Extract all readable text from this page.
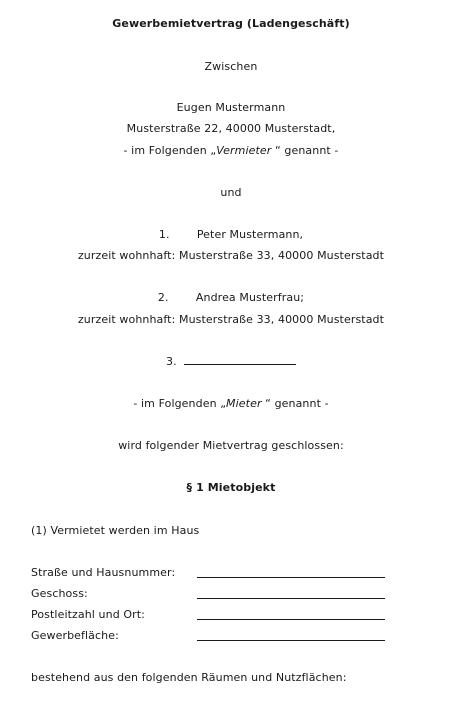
Gewerbemietvertrag (Ladengeschäft)
Zwischen
Eugen Mustermann
Musterstraße 22, 40000 Musterstadt,
- im Folgenden „Vermieter “ genannt -
und
1. Peter Mustermann,
zurzeit wohnhaft: Musterstraße 33, 40000 Musterstadt
2. Andrea Musterfrau;
zurzeit wohnhaft: Musterstraße 33, 40000 Musterstadt
3.
- im Folgenden „Mieter “ genannt -
wird folgender Mietvertrag geschlossen:
§ 1 Mietobjekt
(1) Vermietet werden im Haus
Straße und Hausnummer:
Geschoss:
Postleitzahl und Ort:
Gewerbefläche:
bestehend aus den folgenden Räumen und Nutzflächen:
